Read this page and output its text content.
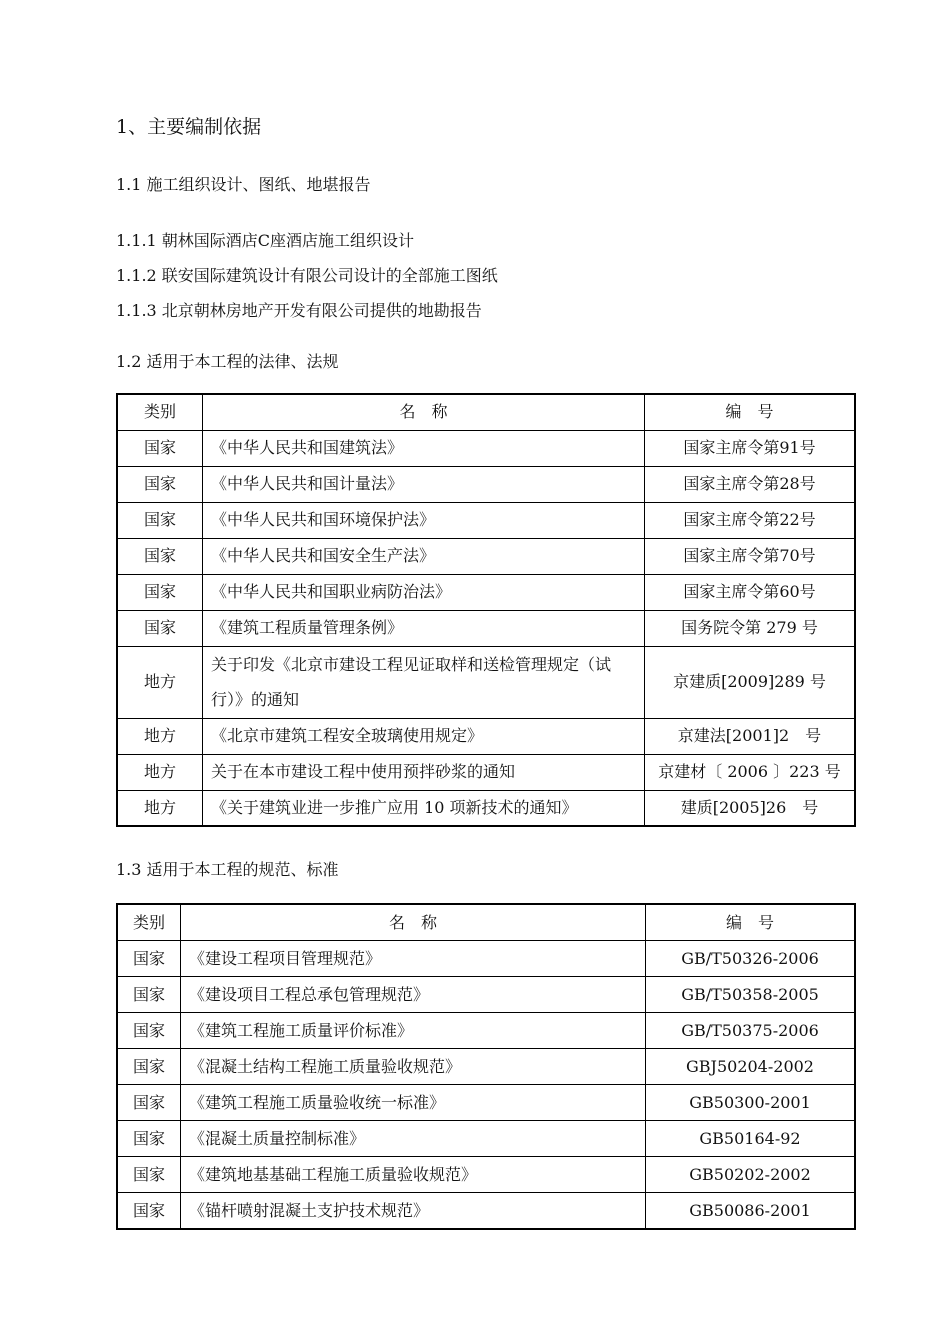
1、主要编制依据
1.1 施工组织设计、图纸、地堪报告
1.1.1 朝林国际酒店C座酒店施工组织设计
1.1.2 联安国际建筑设计有限公司设计的全部施工图纸
1.1.3 北京朝林房地产开发有限公司提供的地勘报告
1.2 适用于本工程的法律、法规
类别	名　称	编　号
国家	《中华人民共和国建筑法》	国家主席令第91号
国家	《中华人民共和国计量法》	国家主席令第28号
国家	《中华人民共和国环境保护法》	国家主席令第22号
国家	《中华人民共和国安全生产法》	国家主席令第70号
国家	《中华人民共和国职业病防治法》	国家主席令第60号
国家	《建筑工程质量管理条例》	国务院令第 279 号
地方	关于印发《北京市建设工程见证取样和送检管理规定（试行）》的通知	京建质[2009]289 号
地方	《北京市建筑工程安全玻璃使用规定》	京建法[2001]2　号
地方	关于在本市建设工程中使用预拌砂浆的通知	京建材〔 2006 〕223 号
地方	《关于建筑业进一步推广应用 10 项新技术的通知》	建质[2005]26　号
1.3 适用于本工程的规范、标准
类别	名　称	编　号
国家	《建设工程项目管理规范》	GB/T50326-2006
国家	《建设项目工程总承包管理规范》	GB/T50358-2005
国家	《建筑工程施工质量评价标准》	GB/T50375-2006
国家	《混凝土结构工程施工质量验收规范》	GBJ50204-2002
国家	《建筑工程施工质量验收统一标准》	GB50300-2001
国家	《混凝土质量控制标准》	GB50164-92
国家	《建筑地基基础工程施工质量验收规范》	GB50202-2002
国家	《锚杆喷射混凝土支护技术规范》	GB50086-2001
